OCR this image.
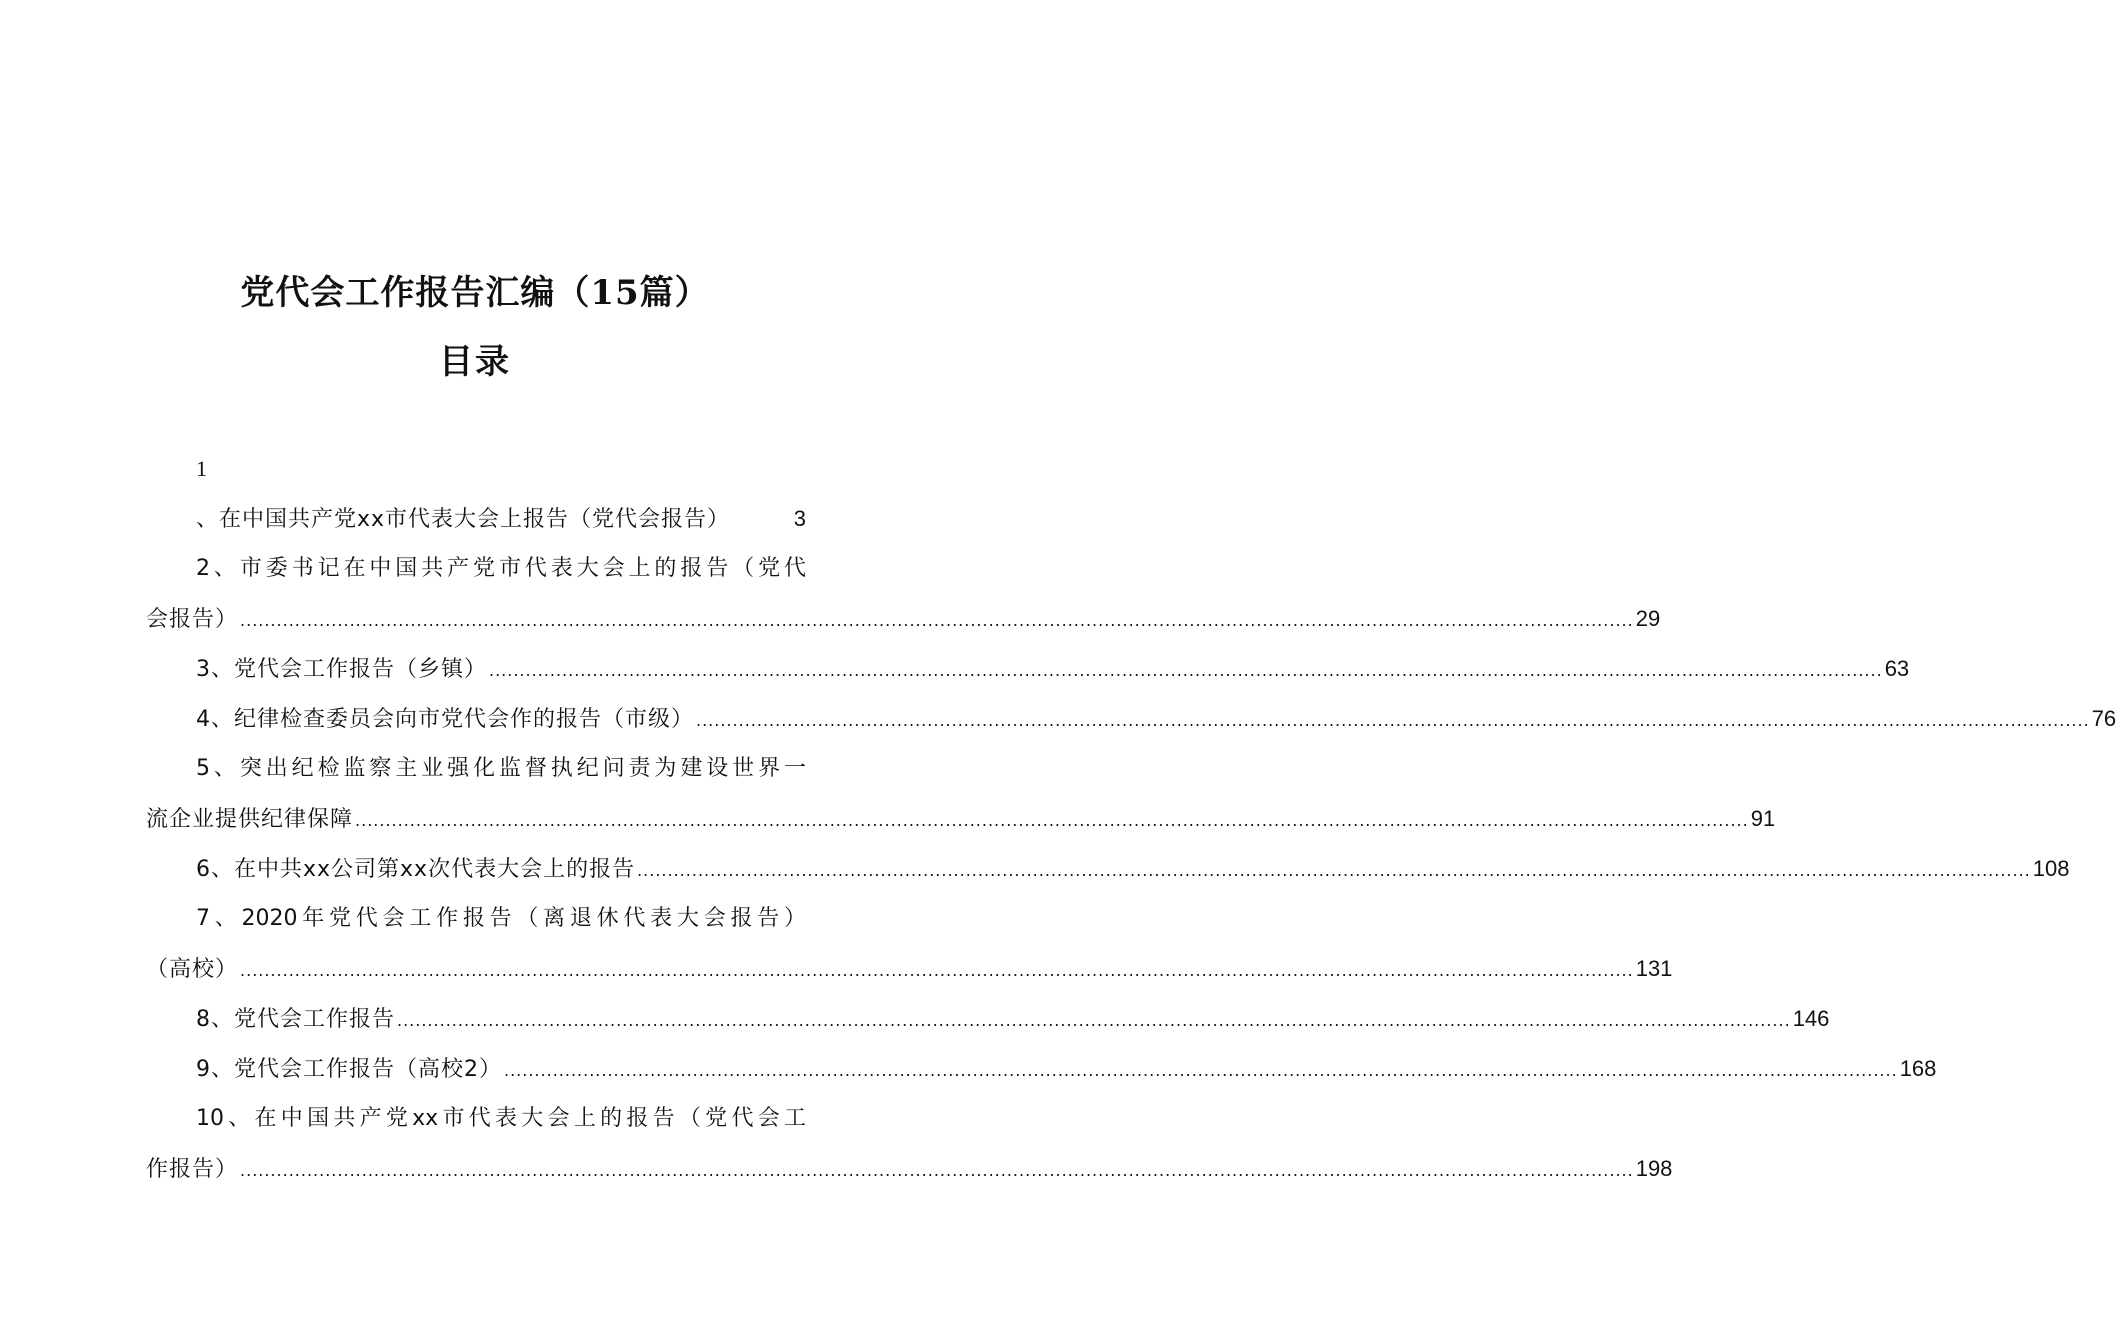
党代会工作报告汇编（15篇）
目录
1
、在中国共产党xx市代表大会上报告（党代会报告）	3
2、市委书记在中国共产党市代表大会上的报告（党代
会报告） ..................................................................................................................................................................................................................................... 29
3、党代会工作报告（乡镇） ..................................................................................................................................................................................................................................... 63
4、纪律检查委员会向市党代会作的报告（市级） ..................................................................................................................................................................................................................................... 76
5、突出纪检监察主业强化监督执纪问责为建设世界一
流企业提供纪律保障 ..................................................................................................................................................................................................................................... 91
6、在中共xx公司第xx次代表大会上的报告 ..................................................................................................................................................................................................................................... 108
7、2020年党代会工作报告（离退休代表大会报告）
（高校） ..................................................................................................................................................................................................................................... 131
8、党代会工作报告 ..................................................................................................................................................................................................................................... 146
9、党代会工作报告（高校2） ..................................................................................................................................................................................................................................... 168
10、在中国共产党xx市代表大会上的报告（党代会工
作报告） ..................................................................................................................................................................................................................................... 198
